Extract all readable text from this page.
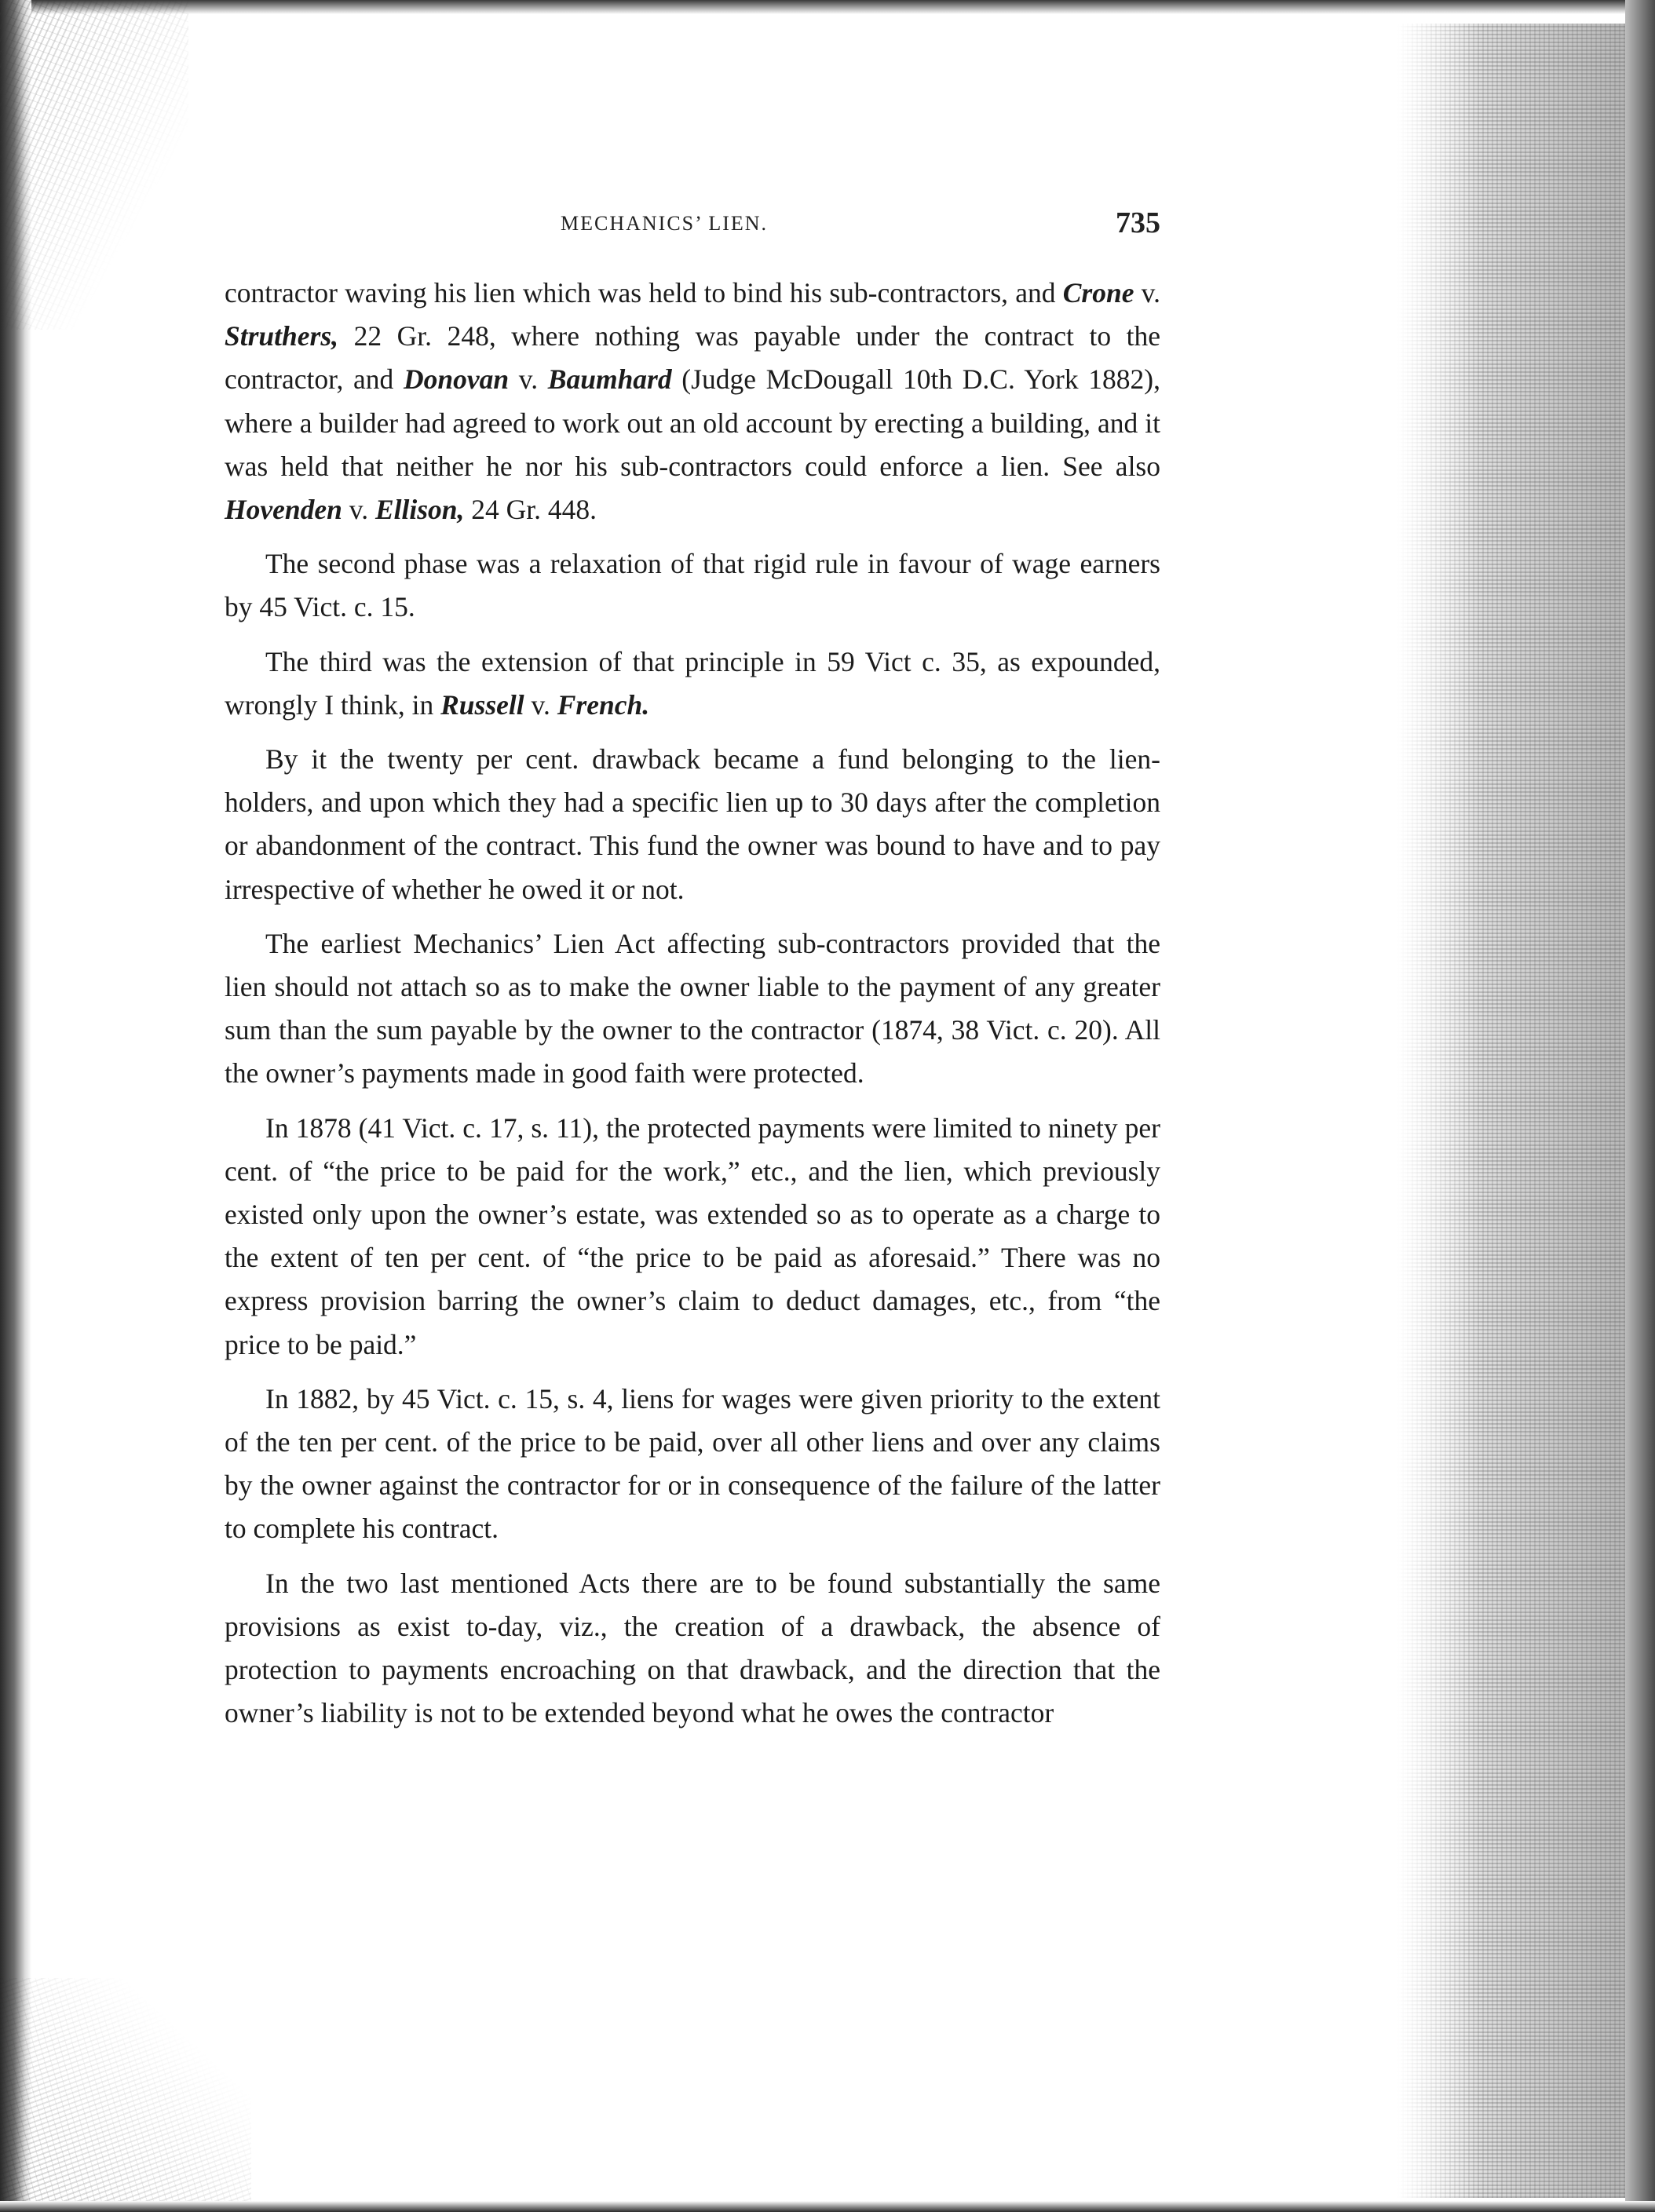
MECHANICS’ LIEN.	735

contractor waving his lien which was held to bind his sub-contractors, and Crone v. Struthers, 22 Gr. 248, where nothing was payable under the contract to the contractor, and Donovan v. Baumhard (Judge McDougall 10th D.C. York 1882), where a builder had agreed to work out an old account by erecting a building, and it was held that neither he nor his sub-contractors could enforce a lien. See also Hovenden v. Ellison, 24 Gr. 448.

The second phase was a relaxation of that rigid rule in favour of wage earners by 45 Vict. c. 15.

The third was the extension of that principle in 59 Vict c. 35, as expounded, wrongly I think, in Russell v. French.

By it the twenty per cent. drawback became a fund belonging to the lien-holders, and upon which they had a specific lien up to 30 days after the completion or abandonment of the contract. This fund the owner was bound to have and to pay irrespective of whether he owed it or not.

The earliest Mechanics’ Lien Act affecting sub-contractors provided that the lien should not attach so as to make the owner liable to the payment of any greater sum than the sum payable by the owner to the contractor (1874, 38 Vict. c. 20). All the owner’s payments made in good faith were protected.

In 1878 (41 Vict. c. 17, s. 11), the protected payments were limited to ninety per cent. of “the price to be paid for the work,” etc., and the lien, which previously existed only upon the owner’s estate, was extended so as to operate as a charge to the extent of ten per cent. of “the price to be paid as aforesaid.” There was no express provision barring the owner’s claim to deduct damages, etc., from “the price to be paid.”

In 1882, by 45 Vict. c. 15, s. 4, liens for wages were given priority to the extent of the ten per cent. of the price to be paid, over all other liens and over any claims by the owner against the contractor for or in consequence of the failure of the latter to complete his contract.

In the two last mentioned Acts there are to be found substantially the same provisions as exist to-day, viz., the creation of a drawback, the absence of protection to payments encroaching on that drawback, and the direction that the owner’s liability is not to be extended beyond what he owes the contractor
